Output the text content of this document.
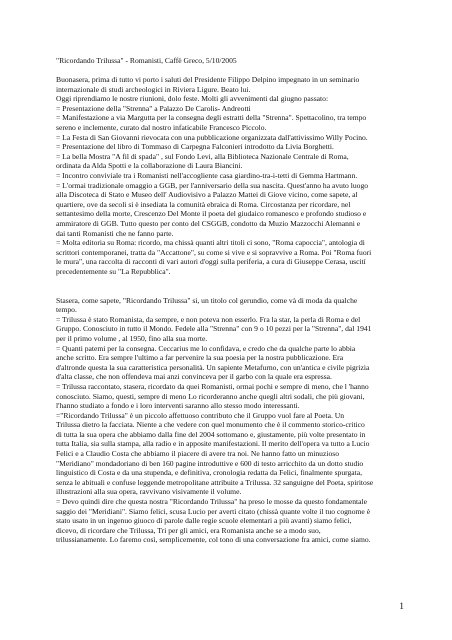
"Ricordando Trilussa" - Romanisti, Caffè Greco, 5/10/2005

Buonasera, prima di tutto vi porto i saluti del Presidente Filippo Delpino impegnato in un seminario
internazionale di studi archeologici in Riviera Ligure. Beato lui.
Oggi riprendiamo le nostre riunioni, dolo feste. Molti gli avvenimenti dal giugno passato:
= Presentazione della "Strenna" a Palazzo De Carolis- Andreotti
= Manifestazione a via Margutta per la consegna degli estratti della "Strenna". Spettacolino, tra tempo
sereno e inclemente, curato dal nostro infaticabile Francesco Piccolo.
= La Festa di San Giovanni rievocata con una pubblicazione organizzata dall'attivissimo Willy Pocino.
= Presentazione del libro di Tommaso di Carpegna Falconieri introdotto da Livia Borghetti.
= La bella Mostra "A fil di spada" , sul Fondo Levi, alla Biblioteca Nazionale Centrale di Roma,
ordinata da Alda Spotti e la collaborazione di Laura Biancini.
= Incontro conviviale tra i Romanisti nell'accogliente casa giardino-tra-i-tetti di Gemma Hartmann.
= L'ormai tradizionale omaggio a GGB, per l'anniversario della sua nascita. Quest'anno ha avuto luogo
alla Discoteca di Stato e Museo dell' Audiovisivo a Palazzo Mattei di Giove vicino, come sapete, al
quartiere, ove da secoli si è insediata la comunità ebraica di Roma. Circostanza per ricordare, nel
settantesimo della morte, Crescenzo Del Monte il poeta del giudaico romanesco e profondo studioso e
ammiratore di GGB. Tutto questo per conto del CSGGB, condotto da Muzio Mazzocchi Alemanni e
dai tanti Romanisti che ne fanno parte.
= Molta editoria su Roma: ricordo, ma chissà quanti altri titoli ci sono, "Roma capoccia", antologia di
scrittori contemporanei, tratta da "Accattone", su come si vive e si sopravvive a Roma. Poi "Roma fuori
le mura", una raccolta di racconti di vari autori d'oggi sulla periferia, a cura di Giuseppe Cerasa, uscití
precedentemente su "La Repubblica".

Stasera, come sapete, "Ricordando Trilussa" si, un titolo col gerundio, come và di moda da qualche
tempo.
= Trilussa è stato Romanista, da sempre, e non poteva non esserlo. Fra la star, la perla di Roma e del
Gruppo. Conosciuto in tutto il Mondo. Fedele alla "Strenna" con 9 o 10 pezzi per la "Strenna", dal 1941
per il primo volume , al 1950, fino alla sua morte.
= Quanti patemi per la consegna. Ceccarius me lo confidava, e credo che da qualche parte lo abbia
anche scritto. Era sempre l'ultimo a far pervenire la sua poesia per la nostra pubblicazione. Era
d'altronde questa la sua caratteristica personalità. Un sapiente Metafurno, con un'antica e civile pigrizia
d'alta classe, che non offendeva mai anzi convinceva per il garbo con la quale era espressa.
= Trilussa raccontato, stasera, ricordato da quei Romanisti, ormai pochi e sempre di meno, che l 'hanno
conosciuto. Siamo, questi, sempre di meno Lo ricorderanno anche quegli altri sodali, che più giovani,
l'hanno studiato a fondo e i loro interventi saranno allo stesso modo interessanti.
="Ricordando Trilussa" è un piccolo affettuoso contributo che il Gruppo vuol fare al Poeta. Un
Trilussa dietro la facciata. Niente a che vedere con quel monumento che è il commento storico-critico
di tutta la sua opera che abbiamo dalla fine del 2004 sottomano e, giustamente, più volte presentato in
tutta Italia, sia sulla stampa, alla radio e in apposite manifestazioni. Il merito dell'opera va tutto a Lucio
Felici e a Claudio Costa che abbiamo il piacere di avere tra noi. Ne hanno fatto un minuzioso
"Meridiano" mondadoriano di ben 160 pagine introduttive e 600 di testo arricchito da un dotto studio
linguistico di Costa e da una stupenda, e definitiva, cronologia redatta da Felici, finalmente spurgata,
senza le abituali e confuse leggende metropolitane attribuite a Trilussa. 32 sanguigne del Poeta, spiritose
illustrazioni alla sua opera, ravvivano visivamente il volume.
= Devo quindi dire che questa nostra "Ricordando Trilussa" ha preso le mosse da questo fondamentale
saggio dei "Meridiani". Siamo felici, scusa Lucio per averti citato (chissà quante volte il tuo cognome è
stato usato in un ingenuo giuoco di parole dalle regie scuole elementari a più avanti) siamo felici,
dicevo, di ricordare che Trilussa, Tri per gli amici, era Romanista anche se a modo suo,
trilussianamente. Lo faremo così, semplicemente, col tono di una conversazione fra amici, come siamo.

1
